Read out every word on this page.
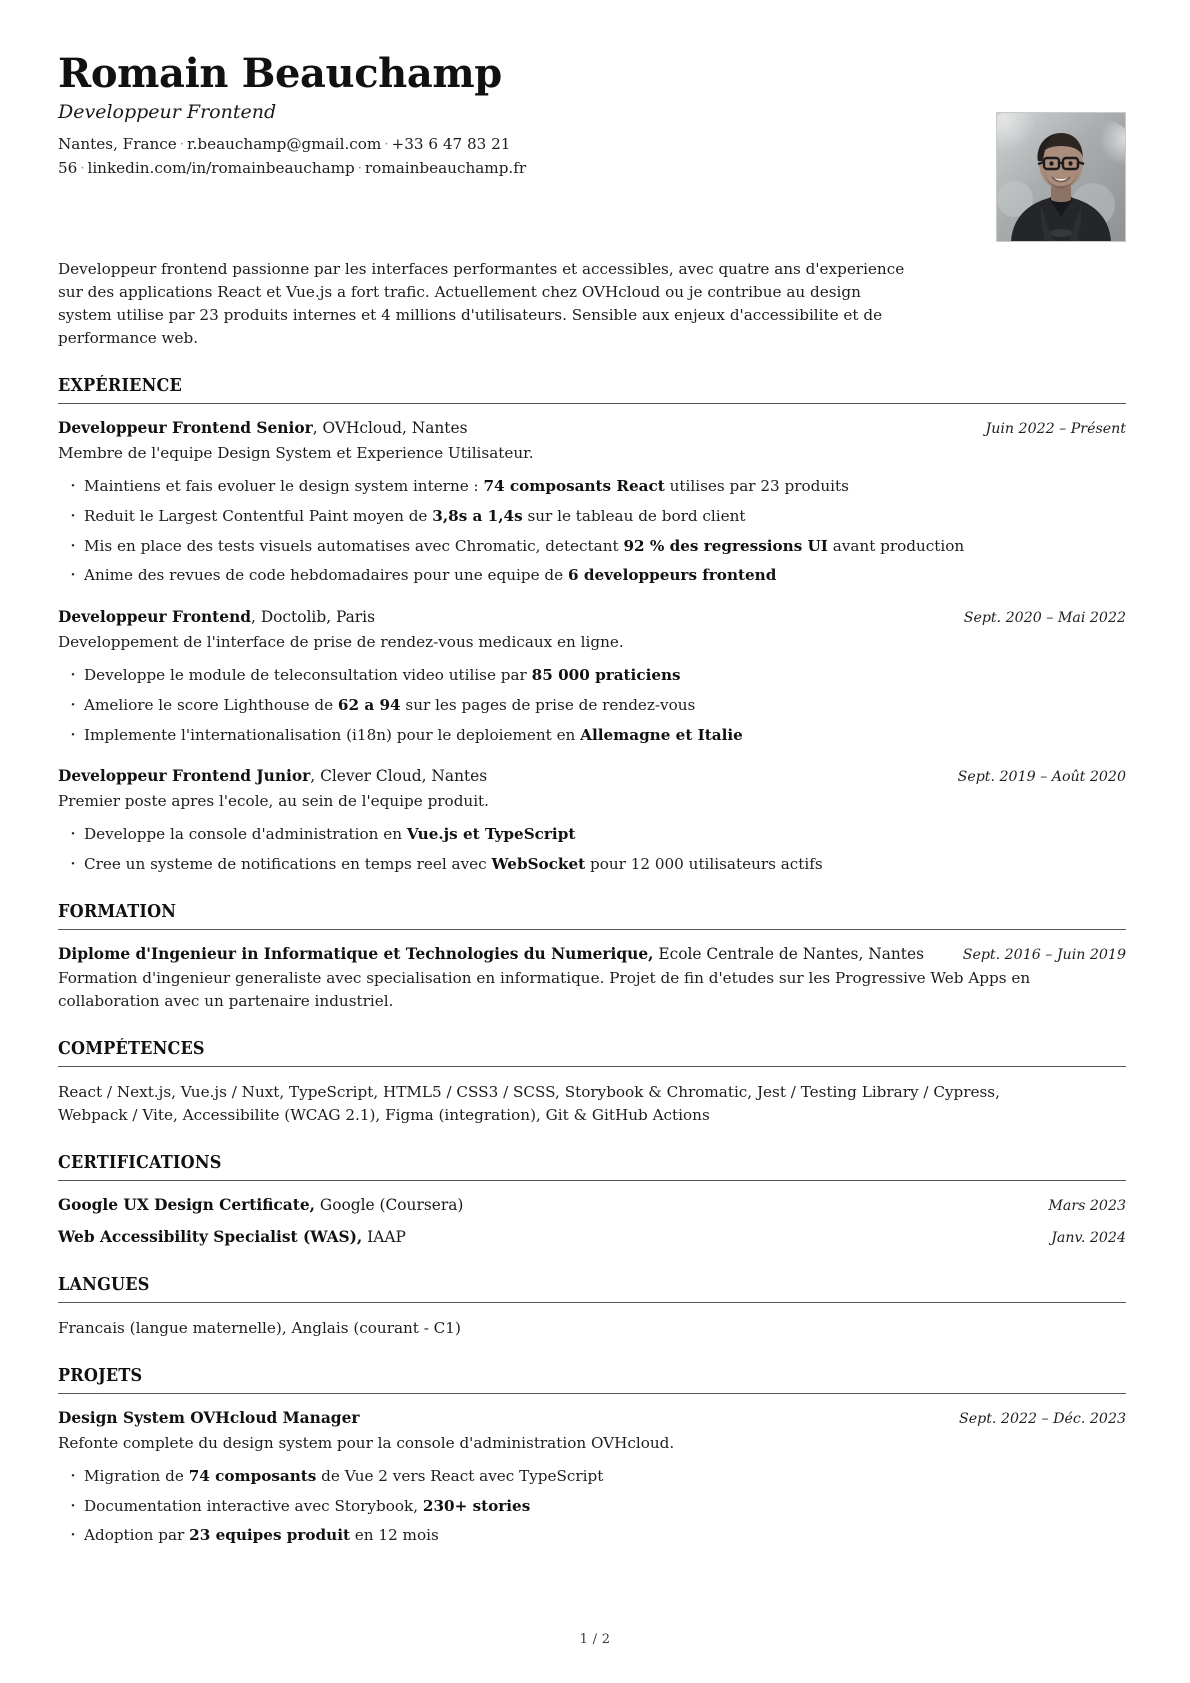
Romain Beauchamp
Developpeur Frontend
Nantes, France · r.beauchamp@gmail.com · +33 6 47 83 21 56 · linkedin.com/in/romainbeauchamp · romainbeauchamp.fr

Developpeur frontend passionne par les interfaces performantes et accessibles, avec quatre ans d'experience sur des applications React et Vue.js a fort trafic. Actuellement chez OVHcloud ou je contribue au design system utilise par 23 produits internes et 4 millions d'utilisateurs. Sensible aux enjeux d'accessibilite et de performance web.

EXPÉRIENCE
Developpeur Frontend Senior, OVHcloud, Nantes	Juin 2022 – Présent
Membre de l'equipe Design System et Experience Utilisateur.
· Maintiens et fais evoluer le design system interne : 74 composants React utilises par 23 produits
· Reduit le Largest Contentful Paint moyen de 3,8s a 1,4s sur le tableau de bord client
· Mis en place des tests visuels automatises avec Chromatic, detectant 92 % des regressions UI avant production
· Anime des revues de code hebdomadaires pour une equipe de 6 developpeurs frontend
Developpeur Frontend, Doctolib, Paris	Sept. 2020 – Mai 2022
Developpement de l'interface de prise de rendez-vous medicaux en ligne.
· Developpe le module de teleconsultation video utilise par 85 000 praticiens
· Ameliore le score Lighthouse de 62 a 94 sur les pages de prise de rendez-vous
· Implemente l'internationalisation (i18n) pour le deploiement en Allemagne et Italie
Developpeur Frontend Junior, Clever Cloud, Nantes	Sept. 2019 – Août 2020
Premier poste apres l'ecole, au sein de l'equipe produit.
· Developpe la console d'administration en Vue.js et TypeScript
· Cree un systeme de notifications en temps reel avec WebSocket pour 12 000 utilisateurs actifs
FORMATION
Diplome d'Ingenieur in Informatique et Technologies du Numerique, Ecole Centrale de Nantes, Nantes	Sept. 2016 – Juin 2019
Formation d'ingenieur generaliste avec specialisation en informatique. Projet de fin d'etudes sur les Progressive Web Apps en collaboration avec un partenaire industriel.
COMPÉTENCES
React / Next.js, Vue.js / Nuxt, TypeScript, HTML5 / CSS3 / SCSS, Storybook & Chromatic, Jest / Testing Library / Cypress, Webpack / Vite, Accessibilite (WCAG 2.1), Figma (integration), Git & GitHub Actions
CERTIFICATIONS
Google UX Design Certificate, Google (Coursera)	Mars 2023
Web Accessibility Specialist (WAS), IAAP	Janv. 2024
LANGUES
Francais (langue maternelle), Anglais (courant - C1)
PROJETS
Design System OVHcloud Manager	Sept. 2022 – Déc. 2023
Refonte complete du design system pour la console d'administration OVHcloud.
· Migration de 74 composants de Vue 2 vers React avec TypeScript
· Documentation interactive avec Storybook, 230+ stories
· Adoption par 23 equipes produit en 12 mois
1 / 2
